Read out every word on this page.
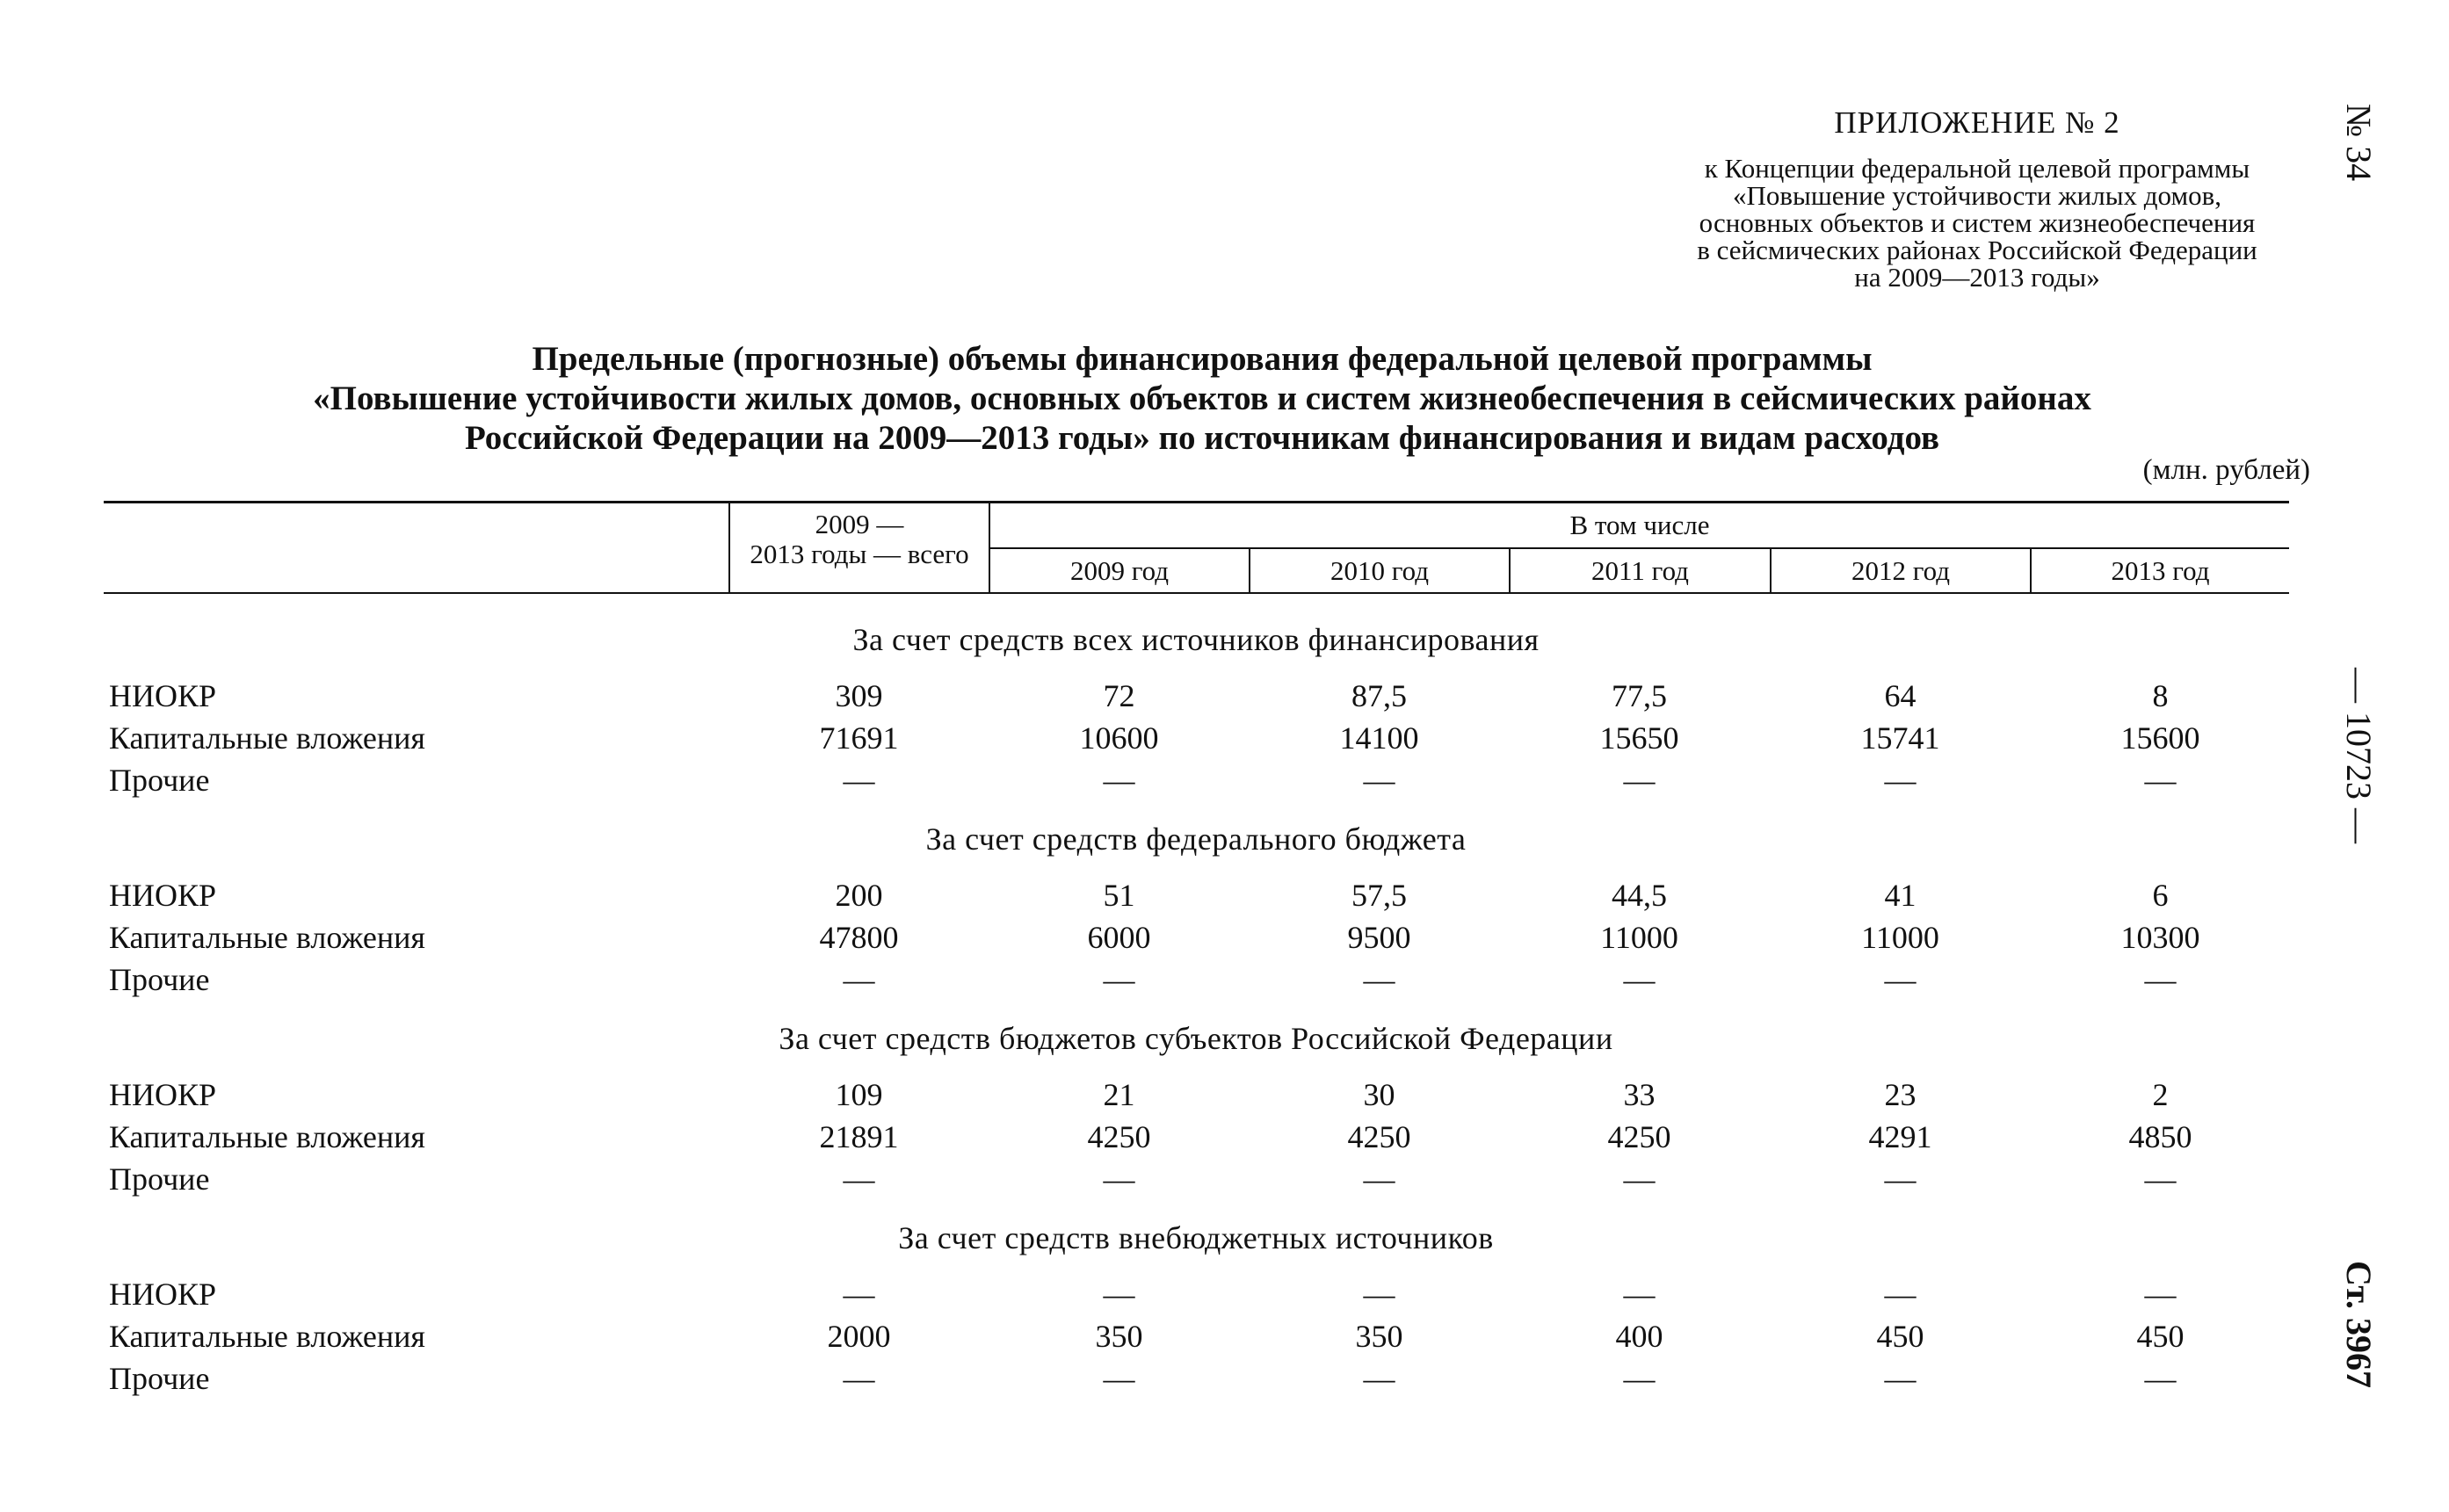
ПРИЛОЖЕНИЕ № 2
к Концепции федеральной целевой программы
«Повышение устойчивости жилых домов,
основных объектов и систем жизнеобеспечения
в сейсмических районах Российской Федерации
на 2009—2013 годы»
Предельные (прогнозные) объемы финансирования федеральной целевой программы
«Повышение устойчивости жилых домов, основных объектов и систем жизнеобеспечения в сейсмических районах
Российской Федерации на 2009—2013 годы» по источникам финансирования и видам расходов
(млн. рублей)
2009 —
2013 годы — всего
В том числе
2009 год	2010 год	2011 год	2012 год	2013 год
За счет средств всех источников финансирования
НИОКР	309	72	87,5	77,5	64	8
Капитальные вложения	71691	10600	14100	15650	15741	15600
Прочие	—	—	—	—	—	—
За счет средств федерального бюджета
НИОКР	200	51	57,5	44,5	41	6
Капитальные вложения	47800	6000	9500	11000	11000	10300
Прочие	—	—	—	—	—	—
За счет средств бюджетов субъектов Российской Федерации
НИОКР	109	21	30	33	23	2
Капитальные вложения	21891	4250	4250	4250	4291	4850
Прочие	—	—	—	—	—	—
За счет средств внебюджетных источников
НИОКР	—	—	—	—	—	—
Капитальные вложения	2000	350	350	400	450	450
Прочие	—	—	—	—	—	—
№ 34
— 10723 —
Ст. 3967
